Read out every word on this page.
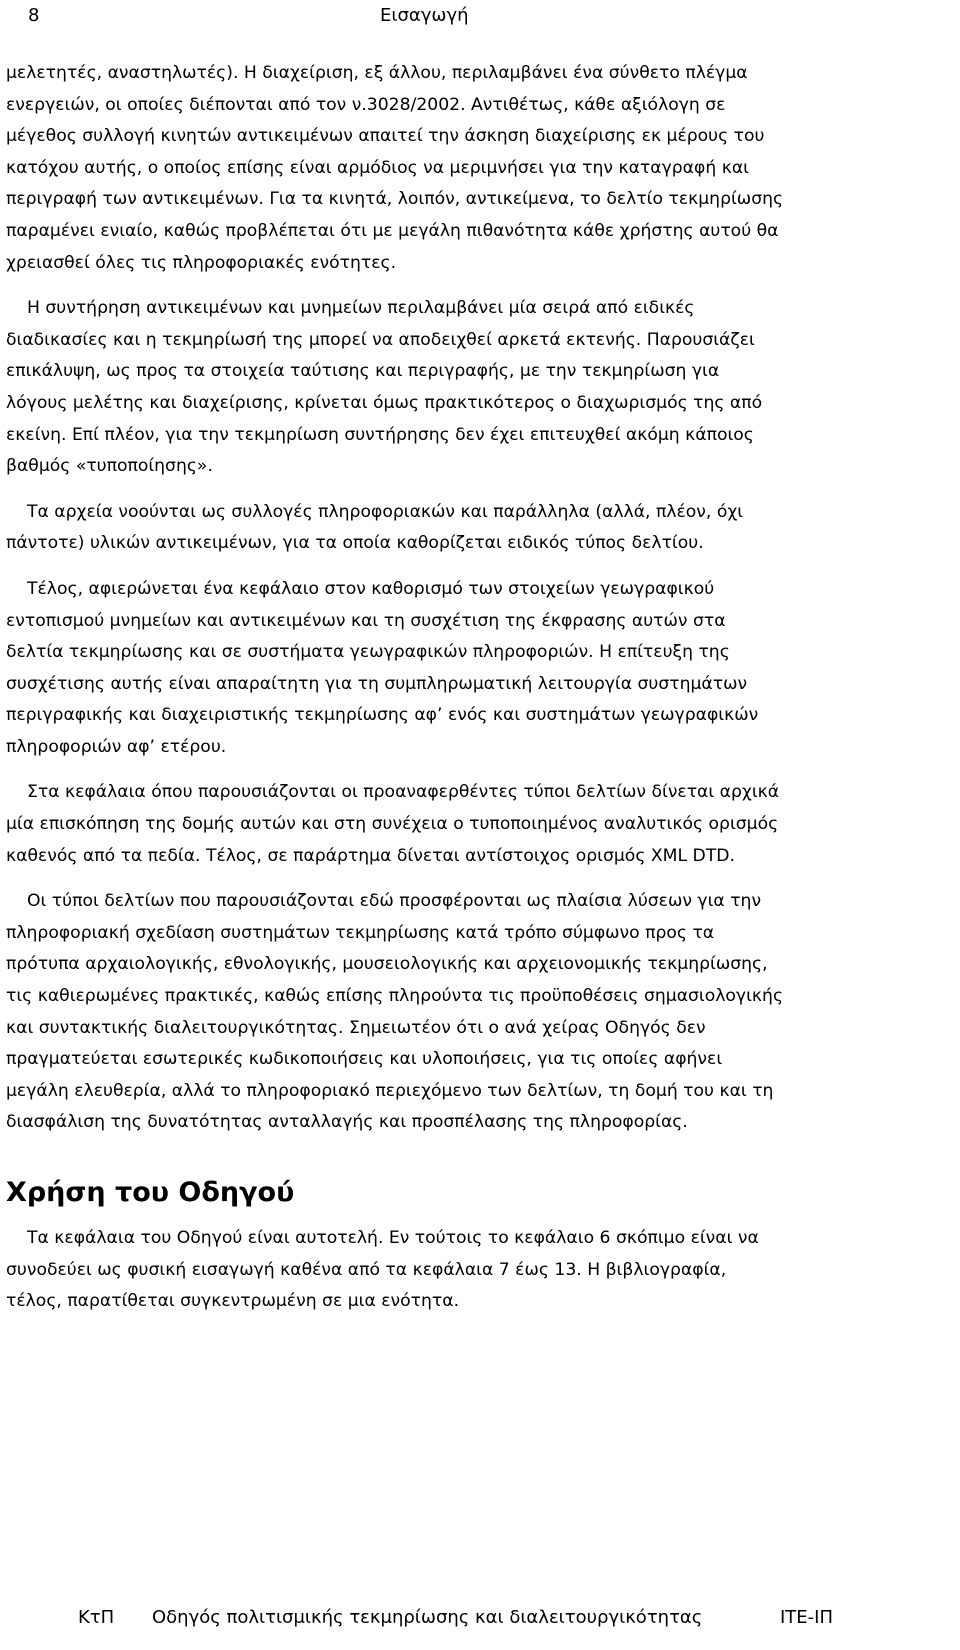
8	Εισαγωγή

μελετητές, αναστηλωτές). Η διαχείριση, εξ άλλου, περιλαμβάνει ένα σύνθετο πλέγμα
ενεργειών, οι οποίες διέπονται από τον ν.3028/2002. Αντιθέτως, κάθε αξιόλογη σε
μέγεθος συλλογή κινητών αντικειμένων απαιτεί την άσκηση διαχείρισης εκ μέρους του
κατόχου αυτής, ο οποίος επίσης είναι αρμόδιος να μεριμνήσει για την καταγραφή και
περιγραφή των αντικειμένων. Για τα κινητά, λοιπόν, αντικείμενα, το δελτίο τεκμηρίωσης
παραμένει ενιαίο, καθώς προβλέπεται ότι με μεγάλη πιθανότητα κάθε χρήστης αυτού θα
χρειασθεί όλες τις πληροφοριακές ενότητες.

Η συντήρηση αντικειμένων και μνημείων περιλαμβάνει μία σειρά από ειδικές
διαδικασίες και η τεκμηρίωσή της μπορεί να αποδειχθεί αρκετά εκτενής. Παρουσιάζει
επικάλυψη, ως προς τα στοιχεία ταύτισης και περιγραφής, με την τεκμηρίωση για
λόγους μελέτης και διαχείρισης, κρίνεται όμως πρακτικότερος ο διαχωρισμός της από
εκείνη. Επί πλέον, για την τεκμηρίωση συντήρησης δεν έχει επιτευχθεί ακόμη κάποιος
βαθμός «τυποποίησης».

Τα αρχεία νοούνται ως συλλογές πληροφοριακών και παράλληλα (αλλά, πλέον, όχι
πάντοτε) υλικών αντικειμένων, για τα οποία καθορίζεται ειδικός τύπος δελτίου.

Τέλος, αφιερώνεται ένα κεφάλαιο στον καθορισμό των στοιχείων γεωγραφικού
εντοπισμού μνημείων και αντικειμένων και τη συσχέτιση της έκφρασης αυτών στα
δελτία τεκμηρίωσης και σε συστήματα γεωγραφικών πληροφοριών. Η επίτευξη της
συσχέτισης αυτής είναι απαραίτητη για τη συμπληρωματική λειτουργία συστημάτων
περιγραφικής και διαχειριστικής τεκμηρίωσης αφ’ ενός και συστημάτων γεωγραφικών
πληροφοριών αφ’ ετέρου.

Στα κεφάλαια όπου παρουσιάζονται οι προαναφερθέντες τύποι δελτίων δίνεται αρχικά
μία επισκόπηση της δομής αυτών και στη συνέχεια ο τυποποιημένος αναλυτικός ορισμός
καθενός από τα πεδία. Τέλος, σε παράρτημα δίνεται αντίστοιχος ορισμός XML DTD.

Οι τύποι δελτίων που παρουσιάζονται εδώ προσφέρονται ως πλαίσια λύσεων για την
πληροφοριακή σχεδίαση συστημάτων τεκμηρίωσης κατά τρόπο σύμφωνο προς τα
πρότυπα αρχαιολογικής, εθνολογικής, μουσειολογικής και αρχειονομικής τεκμηρίωσης,
τις καθιερωμένες πρακτικές, καθώς επίσης πληρούντα τις προϋποθέσεις σημασιολογικής
και συντακτικής διαλειτουργικότητας. Σημειωτέον ότι ο ανά χείρας Οδηγός δεν
πραγματεύεται εσωτερικές κωδικοποιήσεις και υλοποιήσεις, για τις οποίες αφήνει
μεγάλη ελευθερία, αλλά το πληροφοριακό περιεχόμενο των δελτίων, τη δομή του και τη
διασφάλιση της δυνατότητας ανταλλαγής και προσπέλασης της πληροφορίας.

Χρήση του Οδηγού

Τα κεφάλαια του Οδηγού είναι αυτοτελή. Εν τούτοις το κεφάλαιο 6 σκόπιμο είναι να
συνοδεύει ως φυσική εισαγωγή καθένα από τα κεφάλαια 7 έως 13. Η βιβλιογραφία,
τέλος, παρατίθεται συγκεντρωμένη σε μια ενότητα.

ΚτΠ Οδηγός πολιτισμικής τεκμηρίωσης και διαλειτουργικότητας	ΙΤΕ-ΙΠ
